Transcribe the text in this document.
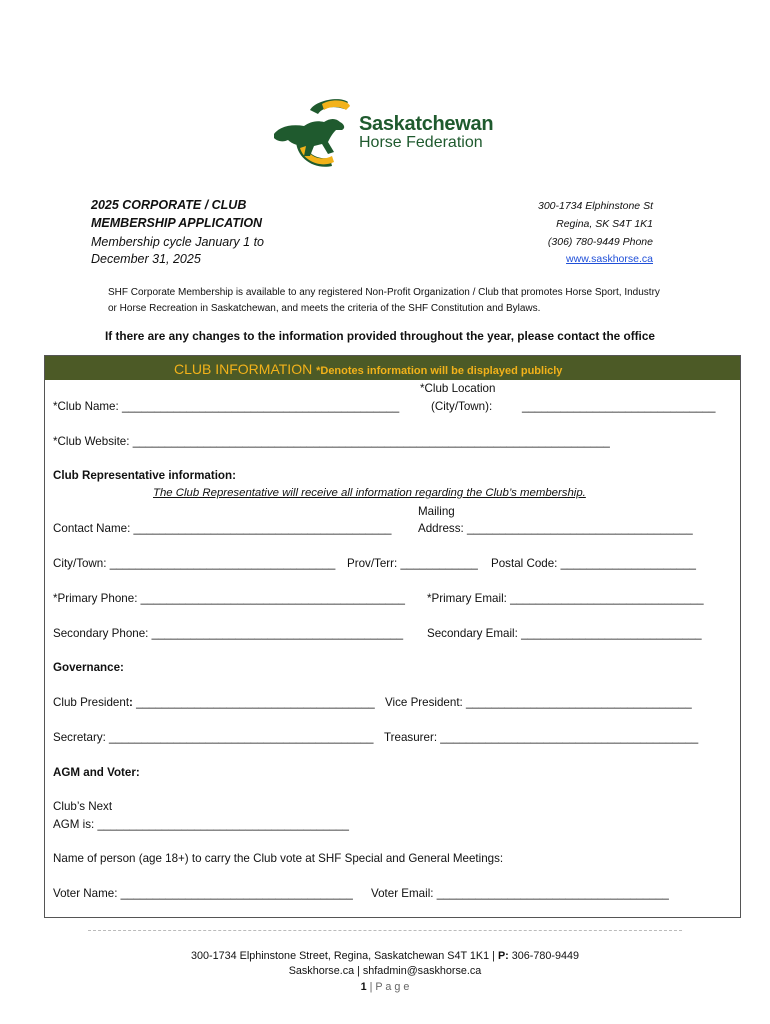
Saskatchewan
Horse Federation
2025 CORPORATE / CLUB
MEMBERSHIP APPLICATION
Membership cycle January 1 to
December 31, 2025
300-1734 Elphinstone St
Regina, SK S4T 1K1
(306) 780-9449 Phone
www.saskhorse.ca
SHF Corporate Membership is available to any registered Non-Profit Organization / Club that promotes Horse Sport, Industry or Horse Recreation in Saskatchewan, and meets the criteria of the SHF Constitution and Bylaws.
If there are any changes to the information provided throughout the year, please contact the office
CLUB INFORMATION *Denotes information will be displayed publicly
*Club Name: ___________________________________________
*Club Location
(City/Town):	______________________________
*Club Website: __________________________________________________________________________
Club Representative information:
The Club Representative will receive all information regarding the Club’s membership.
Contact Name: ________________________________________
Mailing
Address: ___________________________________
City/Town: ___________________________________ Prov/Terr: ____________ Postal Code: _____________________
*Primary Phone: _________________________________________ *Primary Email: ______________________________
Secondary Phone: _______________________________________ Secondary Email: ____________________________
Governance:
Club President: _____________________________________ Vice President: ___________________________________
Secretary: _________________________________________ Treasurer: ________________________________________
AGM and Voter:
Club’s Next
AGM is: _______________________________________
Name of person (age 18+) to carry the Club vote at SHF Special and General Meetings:
Voter Name: ____________________________________ Voter Email: ____________________________________
300-1734 Elphinstone Street, Regina, Saskatchewan S4T 1K1 | P: 306-780-9449
Saskhorse.ca | shfadmin@saskhorse.ca
1 | P a g e
